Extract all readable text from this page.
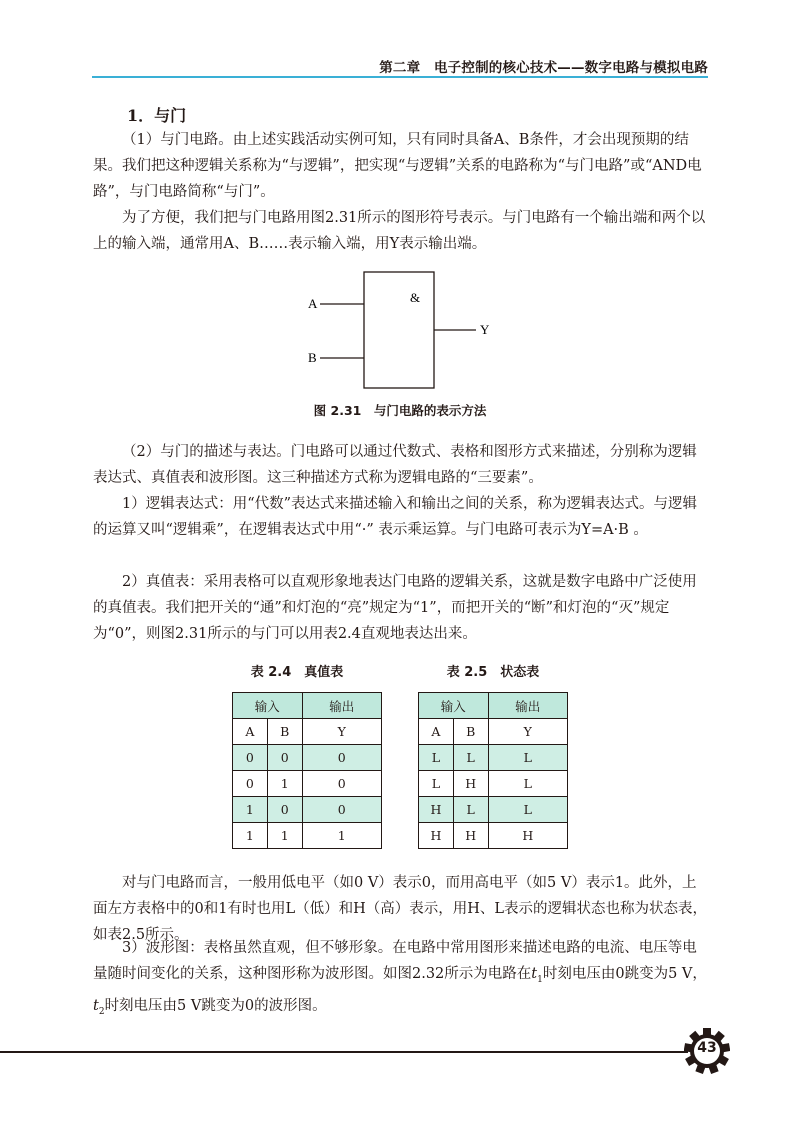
第二章　电子控制的核心技术——数字电路与模拟电路
1．与门

（1）与门电路。由上述实践活动实例可知，只有同时具备A、B条件，才会出现预期的结果。我们把这种逻辑关系称为“与逻辑”，把实现“与逻辑”关系的电路称为“与门电路”或“AND电路”，与门电路简称“与门”。

为了方便，我们把与门电路用图2.31所示的图形符号表示。与门电路有一个输出端和两个以上的输入端，通常用A、B……表示输入端，用Y表示输出端。

A
B
Y
&
图 2.31　与门电路的表示方法

（2）与门的描述与表达。门电路可以通过代数式、表格和图形方式来描述，分别称为逻辑表达式、真值表和波形图。这三种描述方式称为逻辑电路的“三要素”。

1）逻辑表达式：用“代数”表达式来描述输入和输出之间的关系，称为逻辑表达式。与逻辑的运算又叫“逻辑乘”，在逻辑表达式中用“·” 表示乘运算。与门电路可表示为Y=A·B 。

2）真值表：采用表格可以直观形象地表达门电路的逻辑关系，这就是数字电路中广泛使用的真值表。我们把开关的“通”和灯泡的“亮”规定为“1”，而把开关的“断”和灯泡的“灭”规定为“0”，则图2.31所示的与门可以用表2.4直观地表达出来。

表 2.4　真值表
输入		输出
A	B	Y
0	0	0
0	1	0
1	0	0
1	1	1
表 2.5　状态表
输入		输出
A	B	Y
L	L	L
L	H	L
H	L	L
H	H	H

对与门电路而言，一般用低电平（如0 V）表示0，而用高电平（如5 V）表示1。此外，上面左方表格中的0和1有时也用L（低）和H（高）表示，用H、L表示的逻辑状态也称为状态表，如表2.5所示。

3）波形图：表格虽然直观，但不够形象。在电路中常用图形来描述电路的电流、电压等电量随时间变化的关系，这种图形称为波形图。如图2.32所示为电路在$t_1$时刻电压由0跳变为5 V，$t_2$时刻电压由5 V跳变为0的波形图。

43
